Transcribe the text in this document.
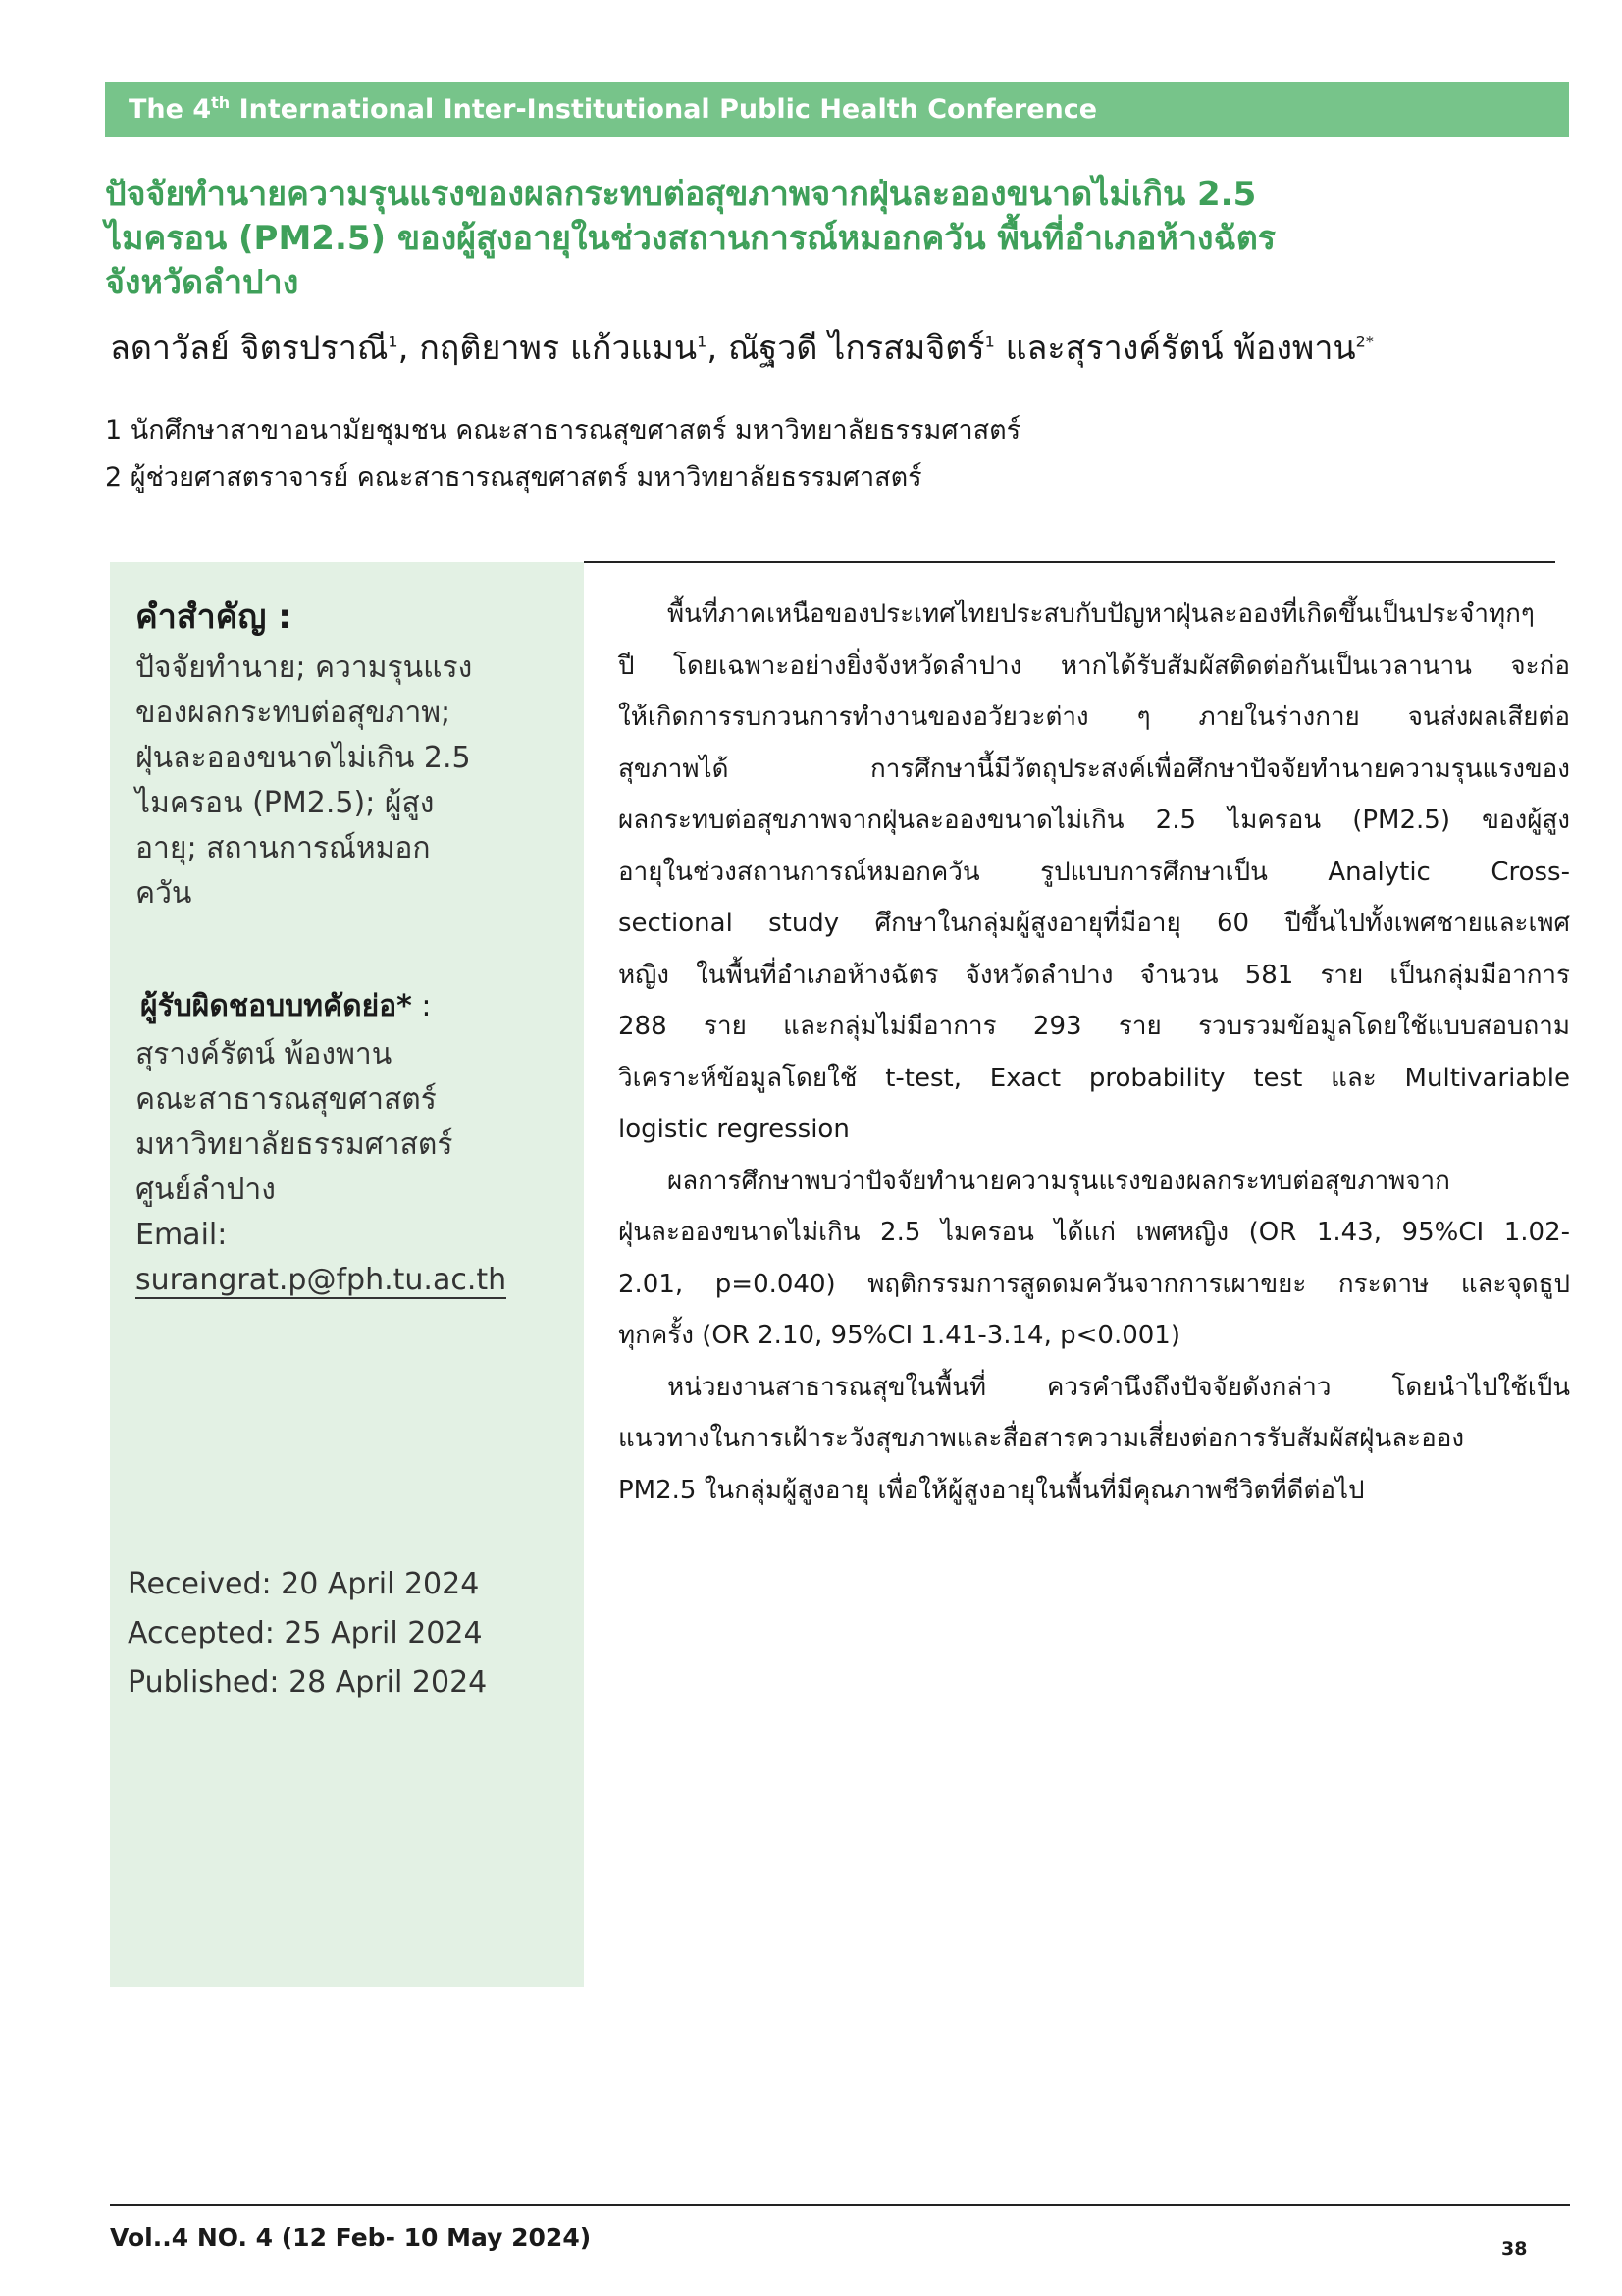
The 4th International Inter-Institutional Public Health Conference
ปัจจัยทำนายความรุนแรงของผลกระทบต่อสุขภาพจากฝุ่นละอองขนาดไม่เกิน 2.5
ไมครอน (PM2.5) ของผู้สูงอายุในช่วงสถานการณ์หมอกควัน พื้นที่อำเภอห้างฉัตร
จังหวัดลำปาง
ลดาวัลย์ จิตรปราณี$^1$, กฤติยาพร แก้วแมน$^1$, ณัฐวดี ไกรสมจิตร์$^1$ และสุรางค์รัตน์ พ้องพาน$^{2*}$
1 นักศึกษาสาขาอนามัยชุมชน คณะสาธารณสุขศาสตร์ มหาวิทยาลัยธรรมศาสตร์
2 ผู้ช่วยศาสตราจารย์ คณะสาธารณสุขศาสตร์ มหาวิทยาลัยธรรมศาสตร์
คำสำคัญ :
ปัจจัยทำนาย; ความรุนแรง
ของผลกระทบต่อสุขภาพ;
ฝุ่นละอองขนาดไม่เกิน 2.5
ไมครอน (PM2.5); ผู้สูง
อายุ; สถานการณ์หมอก
ควัน
ผู้รับผิดชอบบทคัดย่อ* :
สุรางค์รัตน์ พ้องพาน
คณะสาธารณสุขศาสตร์
มหาวิทยาลัยธรรมศาสตร์
ศูนย์ลำปาง
Email:
surangrat.p@fph.tu.ac.th
Received: 20 April 2024
Accepted: 25 April 2024
Published: 28 April 2024
พื้นที่ภาคเหนือของประเทศไทยประสบกับปัญหาฝุ่นละอองที่เกิดขึ้นเป็นประจำทุกๆ
ปี โดยเฉพาะอย่างยิ่งจังหวัดลำปาง หากได้รับสัมผัสติดต่อกันเป็นเวลานาน จะก่อ
ให้เกิดการรบกวนการทำงานของอวัยวะต่าง ๆ ภายในร่างกาย จนส่งผลเสียต่อ
สุขภาพได้ การศึกษานี้มีวัตถุประสงค์เพื่อศึกษาปัจจัยทำนายความรุนแรงของ
ผลกระทบต่อสุขภาพจากฝุ่นละอองขนาดไม่เกิน 2.5 ไมครอน (PM2.5) ของผู้สูง
อายุในช่วงสถานการณ์หมอกควัน รูปแบบการศึกษาเป็น Analytic Cross-
sectional study ศึกษาในกลุ่มผู้สูงอายุที่มีอายุ 60 ปีขึ้นไปทั้งเพศชายและเพศ
หญิง ในพื้นที่อำเภอห้างฉัตร จังหวัดลำปาง จำนวน 581 ราย เป็นกลุ่มมีอาการ
288 ราย และกลุ่มไม่มีอาการ 293 ราย รวบรวมข้อมูลโดยใช้แบบสอบถาม
วิเคราะห์ข้อมูลโดยใช้ t-test, Exact probability test และ Multivariable
logistic regression
ผลการศึกษาพบว่าปัจจัยทำนายความรุนแรงของผลกระทบต่อสุขภาพจาก
ฝุ่นละอองขนาดไม่เกิน 2.5 ไมครอน ได้แก่ เพศหญิง (OR 1.43, 95%CI 1.02-
2.01, p=0.040) พฤติกรรมการสูดดมควันจากการเผาขยะ กระดาษ และจุดธูป
ทุกครั้ง (OR 2.10, 95%CI 1.41-3.14, p<0.001)
หน่วยงานสาธารณสุขในพื้นที่ ควรคำนึงถึงปัจจัยดังกล่าว โดยนำไปใช้เป็น
แนวทางในการเฝ้าระวังสุขภาพและสื่อสารความเสี่ยงต่อการรับสัมผัสฝุ่นละออง
PM2.5 ในกลุ่มผู้สูงอายุ เพื่อให้ผู้สูงอายุในพื้นที่มีคุณภาพชีวิตที่ดีต่อไป
Vol..4 NO. 4 (12 Feb- 10 May 2024)	38
